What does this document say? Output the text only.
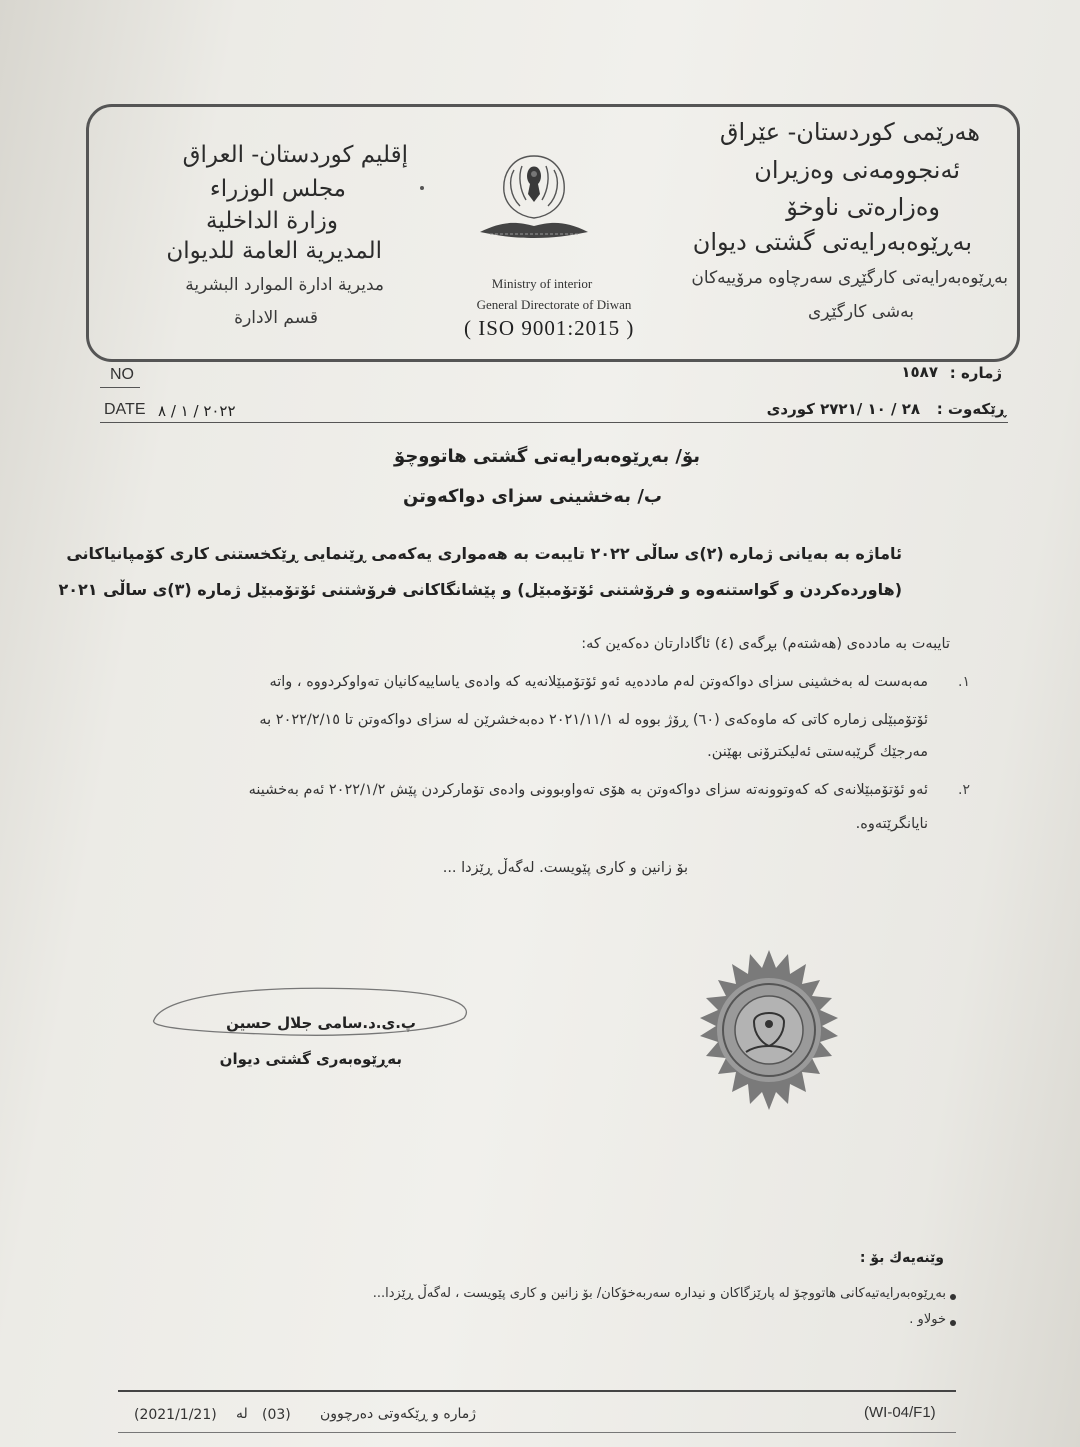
هەرێمی کوردستان- عێراق
ئەنجوومەنی وەزیران
وەزارەتی ناوخۆ
بەڕێوەبەرایەتی گشتی دیوان
بەڕێوەبەرایەتی کارگێڕی سەرچاوە مرۆییەکان
بەشی کارگێڕی
إقليم كوردستان- العراق
مجلس الوزراء
وزارة الداخلية
المديرية العامة للديوان
مديرية ادارة الموارد البشرية
قسم الادارة
Ministry of interior
General Directorate of Diwan
( ISO 9001:2015 )
ژمارە :
١٥٨٧
ڕێکەوت :
٢٨ / ١٠ /٢٧٢١ کوردی
NO
DATE ٢٠٢٢ / ١ / ٨
بۆ/ بەڕێوەبەرایەتی گشتی هاتووچۆ
ب/ بەخشینی سزای دواکەوتن
ئاماژە بە بەیانی ژمارە (٢)ی ساڵی ٢٠٢٢ تایبەت بە هەمواری یەکەمی ڕێنمایی ڕێکخستنی کاری کۆمپانیاکانی
(هاوردەکردن و گواستنەوە و فرۆشتنی ئۆتۆمبێل) و پێشانگاکانی فرۆشتنی ئۆتۆمبێل ژمارە (٣)ی ساڵی ٢٠٢١
تایبەت بە ماددەی (هەشتەم) بڕگەی (٤) ئاگادارتان دەکەین کە:
.١
مەبەست لە بەخشینی سزای دواکەوتن لەم ماددەیە ئەو ئۆتۆمبێلانەیە کە وادەی یاساییەکانیان تەواوکردووە ، واتە
ئۆتۆمبێلی زمارە کاتی کە ماوەکەی (٦٠) ڕۆژ بووە لە ٢٠٢١/١١/١ دەبەخشرێن لە سزای دواکەوتن تا ٢٠٢٢/٢/١٥ بە
مەرجێك گرێبەستی ئەلیکترۆنی بهێنن.
.٢
ئەو ئۆتۆمبێلانەی کە کەوتوونەتە سزای دواکەوتن بە هۆی تەواوبوونی وادەی تۆمارکردن پێش ٢٠٢٢/١/٢ ئەم بەخشینە
نایانگرێتەوە.
بۆ زانین و کاری پێویست. لەگەڵ ڕێزدا ...
پ.ی.د.سامی جلال حسین
بەڕێوەبەری گشتی دیوان
وێنەیەك بۆ :
بەڕێوەبەرایەتیەکانی هاتووچۆ لە پارێزگاکان و نیدارە سەربەخۆکان/ بۆ زانین و کاری پێویست ، لەگەڵ ڕێزدا...
خولاو .
(WI-04/F1)
ژمارە و ڕێکەوتی دەرچوون
(03)
لە
(2021/1/21)
